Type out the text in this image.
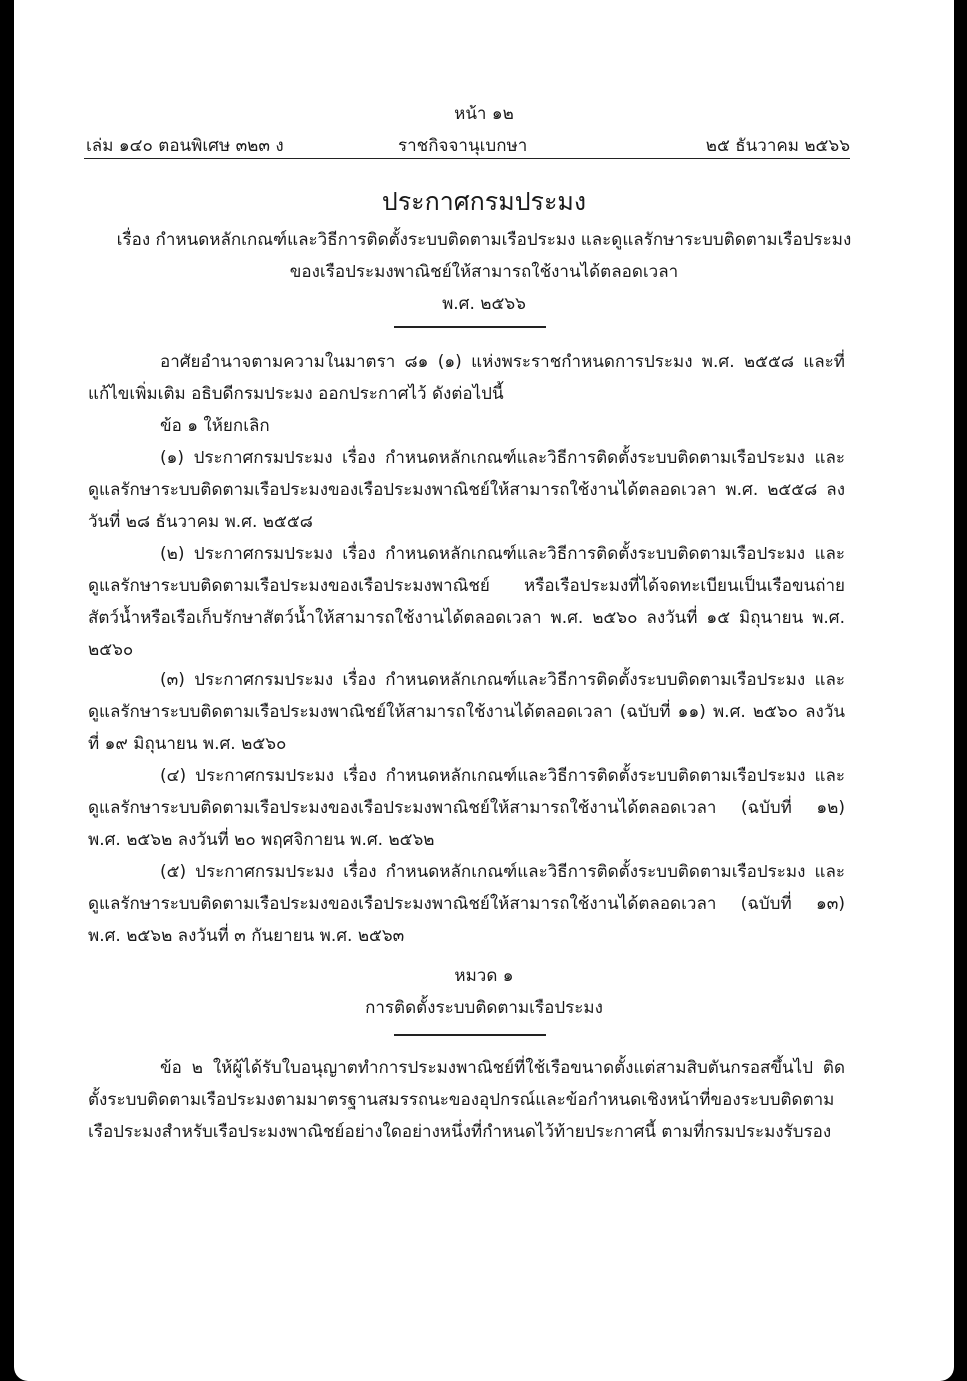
หน้า ๑๒
เล่ม ๑๔๐ ตอนพิเศษ ๓๒๓ ง	ราชกิจจานุเบกษา	๒๕ ธันวาคม ๒๕๖๖
ประกาศกรมประมง
เรื่อง กำหนดหลักเกณฑ์และวิธีการติดตั้งระบบติดตามเรือประมง และดูแลรักษาระบบติดตามเรือประมง
ของเรือประมงพาณิชย์ให้สามารถใช้งานได้ตลอดเวลา
พ.ศ. ๒๕๖๖

อาศัยอำนาจตามความในมาตรา ๘๑ (๑) แห่งพระราชกำหนดการประมง พ.ศ. ๒๕๕๘ และที่แก้ไขเพิ่มเติม อธิบดีกรมประมง ออกประกาศไว้ ดังต่อไปนี้

ข้อ ๑ ให้ยกเลิก

(๑) ประกาศกรมประมง เรื่อง กำหนดหลักเกณฑ์และวิธีการติดตั้งระบบติดตามเรือประมง และดูแลรักษาระบบติดตามเรือประมงของเรือประมงพาณิชย์ให้สามารถใช้งานได้ตลอดเวลา พ.ศ. ๒๕๕๘ ลงวันที่ ๒๘ ธันวาคม พ.ศ. ๒๕๕๘

(๒) ประกาศกรมประมง เรื่อง กำหนดหลักเกณฑ์และวิธีการติดตั้งระบบติดตามเรือประมง และดูแลรักษาระบบติดตามเรือประมงของเรือประมงพาณิชย์ หรือเรือประมงที่ได้จดทะเบียนเป็นเรือขนถ่ายสัตว์น้ำหรือเรือเก็บรักษาสัตว์น้ำให้สามารถใช้งานได้ตลอดเวลา พ.ศ. ๒๕๖๐ ลงวันที่ ๑๕ มิถุนายน พ.ศ. ๒๕๖๐

(๓) ประกาศกรมประมง เรื่อง กำหนดหลักเกณฑ์และวิธีการติดตั้งระบบติดตามเรือประมง และดูแลรักษาระบบติดตามเรือประมงพาณิชย์ให้สามารถใช้งานได้ตลอดเวลา (ฉบับที่ ๑๑) พ.ศ. ๒๕๖๐ ลงวันที่ ๑๙ มิถุนายน พ.ศ. ๒๕๖๐

(๔) ประกาศกรมประมง เรื่อง กำหนดหลักเกณฑ์และวิธีการติดตั้งระบบติดตามเรือประมง และดูแลรักษาระบบติดตามเรือประมงของเรือประมงพาณิชย์ให้สามารถใช้งานได้ตลอดเวลา (ฉบับที่ ๑๒) พ.ศ. ๒๕๖๒ ลงวันที่ ๒๐ พฤศจิกายน พ.ศ. ๒๕๖๒

(๕) ประกาศกรมประมง เรื่อง กำหนดหลักเกณฑ์และวิธีการติดตั้งระบบติดตามเรือประมง และดูแลรักษาระบบติดตามเรือประมงของเรือประมงพาณิชย์ให้สามารถใช้งานได้ตลอดเวลา (ฉบับที่ ๑๓) พ.ศ. ๒๕๖๒ ลงวันที่ ๓ กันยายน พ.ศ. ๒๕๖๓

หมวด ๑
การติดตั้งระบบติดตามเรือประมง

ข้อ ๒ ให้ผู้ได้รับใบอนุญาตทำการประมงพาณิชย์ที่ใช้เรือขนาดตั้งแต่สามสิบตันกรอสขึ้นไป ติดตั้งระบบติดตามเรือประมงตามมาตรฐานสมรรถนะของอุปกรณ์และข้อกำหนดเชิงหน้าที่ของระบบติดตามเรือประมงสำหรับเรือประมงพาณิชย์อย่างใดอย่างหนึ่งที่กำหนดไว้ท้ายประกาศนี้ ตามที่กรมประมงรับรอง
